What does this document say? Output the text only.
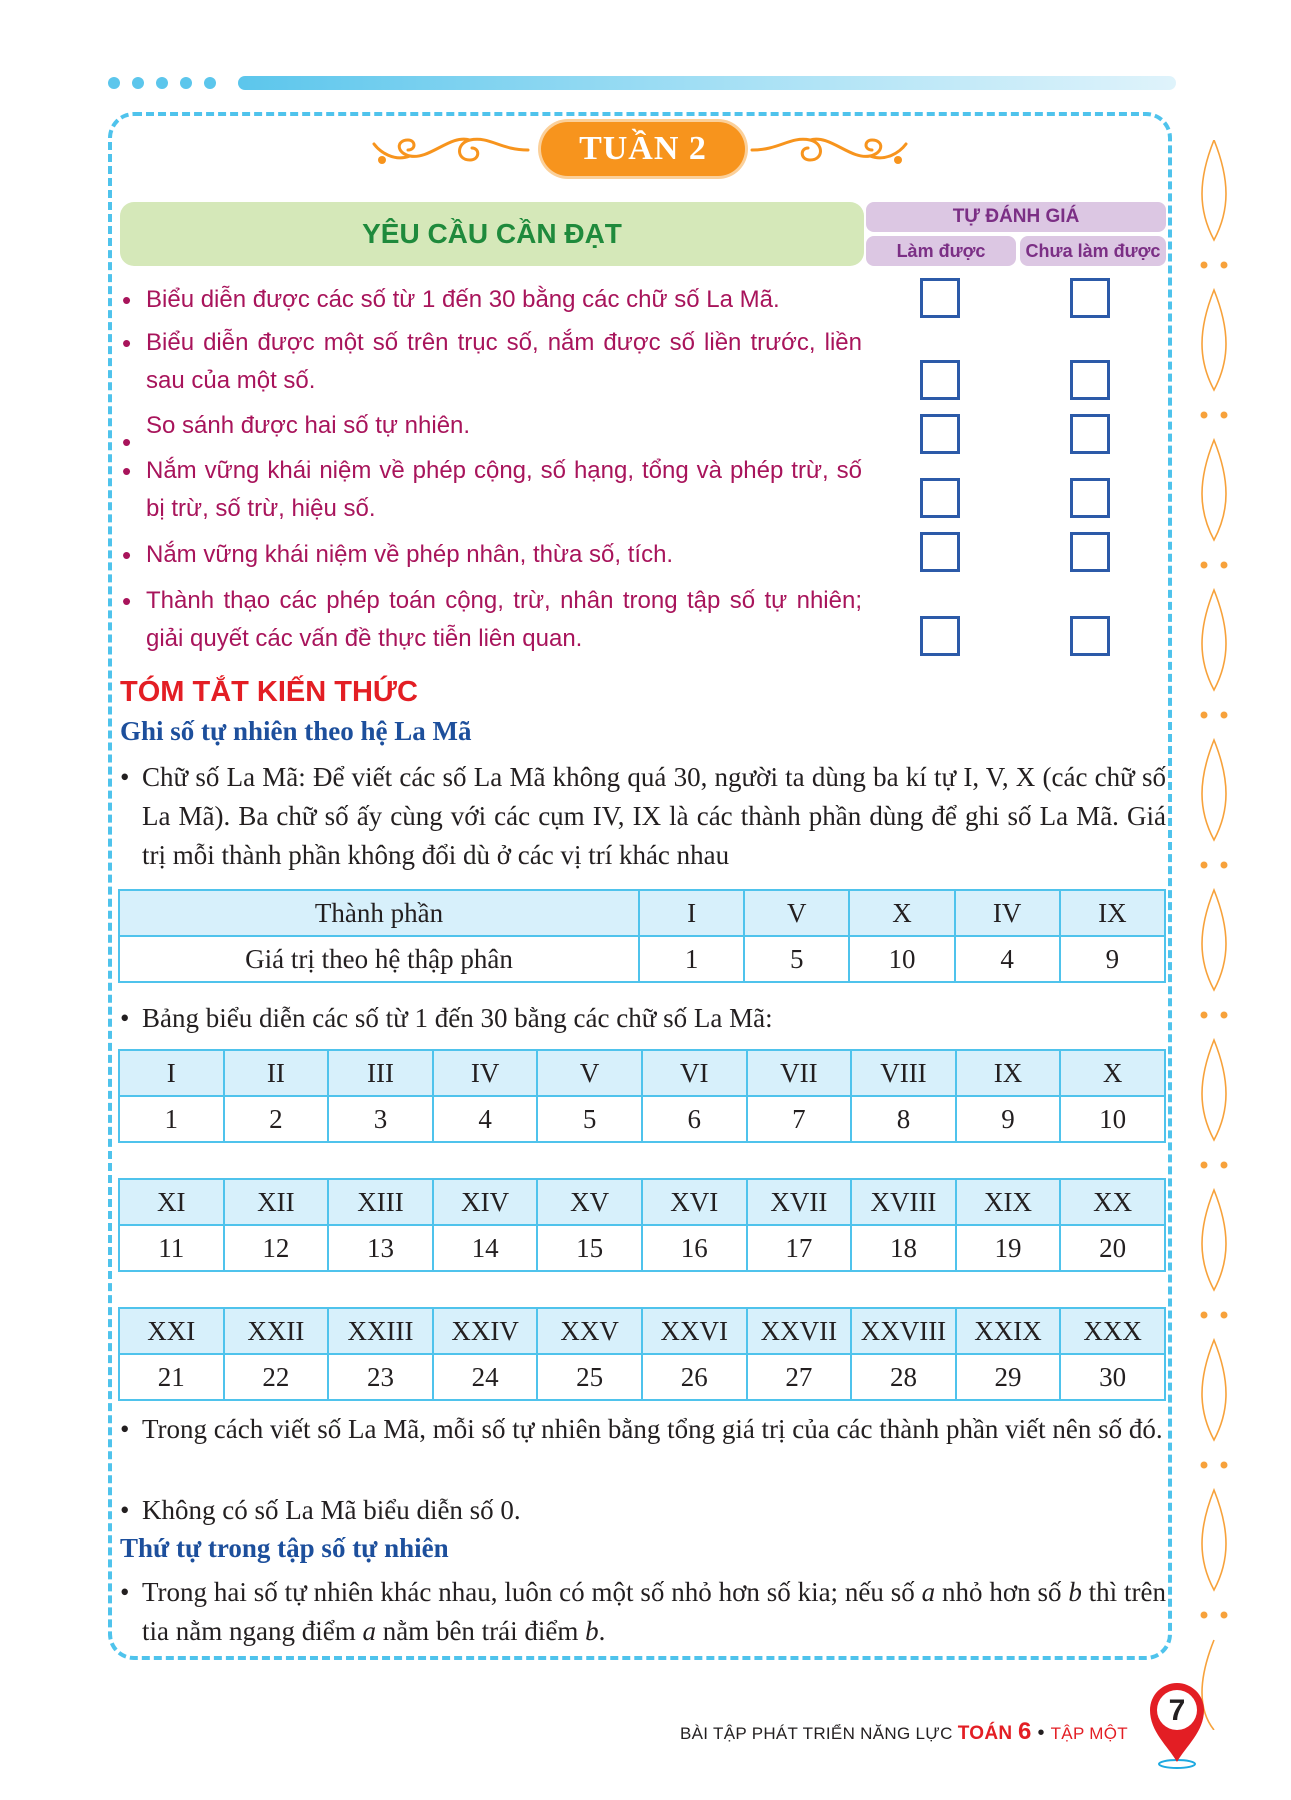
TUẦN 2
YÊU CẦU CẦN ĐẠT
TỰ ĐÁNH GIÁ
Làm được	Chưa làm được
• Biểu diễn được các số từ 1 đến 30 bằng các chữ số La Mã.
• Biểu diễn được một số trên trục số, nắm được số liền trước, liền sau của một số.
•
So sánh được hai số tự nhiên.
• Nắm vững khái niệm về phép cộng, số hạng, tổng và phép trừ, số bị trừ, số trừ, hiệu số.
• Nắm vững khái niệm về phép nhân, thừa số, tích.
• Thành thạo các phép toán cộng, trừ, nhân trong tập số tự nhiên; giải quyết các vấn đề thực tiễn liên quan.
TÓM TẮT KIẾN THỨC
Ghi số tự nhiên theo hệ La Mã
• Chữ số La Mã: Để viết các số La Mã không quá 30, người ta dùng ba kí tự I, V, X (các chữ số La Mã). Ba chữ số ấy cùng với các cụm IV, IX là các thành phần dùng để ghi số La Mã. Giá trị mỗi thành phần không đổi dù ở các vị trí khác nhau
Thành phần	I	V	X	IV	IX
Giá trị theo hệ thập phân	1	5	10	4	9
• Bảng biểu diễn các số từ 1 đến 30 bằng các chữ số La Mã:
I	II	III	IV	V	VI	VII	VIII	IX	X
1	2	3	4	5	6	7	8	9	10
XI	XII	XIII	XIV	XV	XVI	XVII	XVIII	XIX	XX
11	12	13	14	15	16	17	18	19	20
XXI	XXII	XXIII	XXIV	XXV	XXVI	XXVII	XXVIII	XXIX	XXX
21	22	23	24	25	26	27	28	29	30
• Trong cách viết số La Mã, mỗi số tự nhiên bằng tổng giá trị của các thành phần viết nên số đó.
• Không có số La Mã biểu diễn số 0.
Thứ tự trong tập số tự nhiên
• Trong hai số tự nhiên khác nhau, luôn có một số nhỏ hơn số kia; nếu số a nhỏ hơn số b thì trên tia nằm ngang điểm a nằm bên trái điểm b.
BÀI TẬP PHÁT TRIỂN NĂNG LỰC TOÁN 6 • TẬP MỘT
7
